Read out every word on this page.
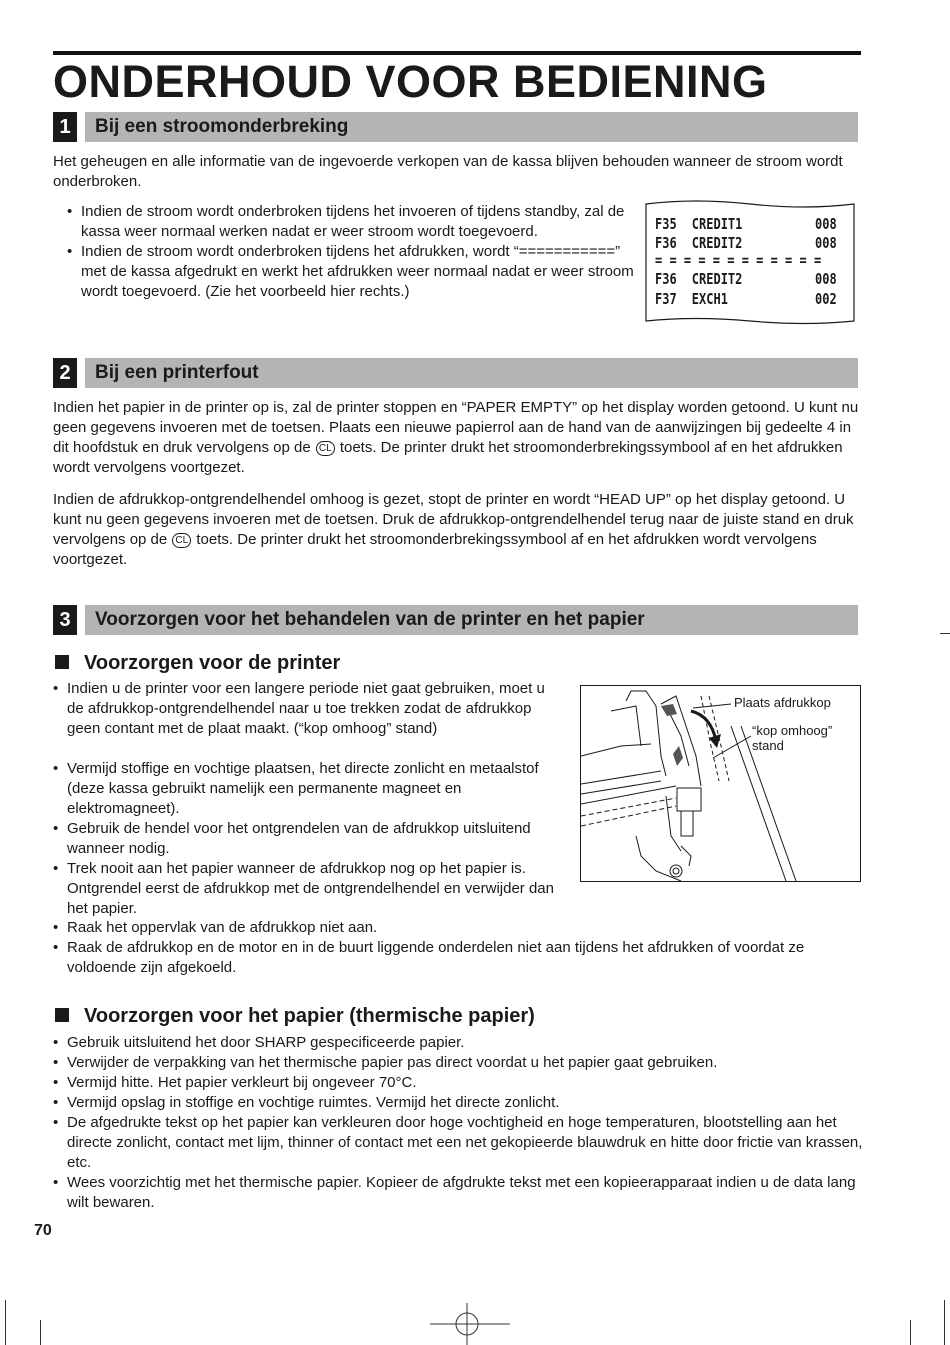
ONDERHOUD VOOR BEDIENING
1	Bij een stroomonderbreking

Het geheugen en alle informatie van de ingevoerde verkopen van de kassa blijven behouden wanneer de stroom wordt onderbroken.

• Indien de stroom wordt onderbroken tijdens het invoeren of tijdens standby, zal de kassa weer normaal werken nadat er weer stroom wordt toegevoerd.
• Indien de stroom wordt onderbroken tijdens het afdrukken, wordt “===========” met de kassa afgedrukt en werkt het afdrukken weer normaal nadat er weer stroom wordt toegevoerd. (Zie het voorbeeld hier rechts.)
F35 CREDIT1	008
F36 CREDIT2	008
= = = = = = = = = = = =
F36 CREDIT2	008
F37 EXCH1	002
2	Bij een printerfout

Indien het papier in de printer op is, zal de printer stoppen en “PAPER EMPTY” op het display worden getoond. U kunt nu geen gegevens invoeren met de toetsen. Plaats een nieuwe papierrol aan de hand van de aanwijzingen bij gedeelte 4 in dit hoofdstuk en druk vervolgens op de CL toets. De printer drukt het stroomonderbrekingssymbool af en het afdrukken wordt vervolgens voortgezet.

Indien de afdrukkop-ontgrendelhendel omhoog is gezet, stopt de printer en wordt “HEAD UP” op het display getoond. U kunt nu geen gegevens invoeren met de toetsen. Druk de afdrukkop-ontgrendelhendel terug naar de juiste stand en druk vervolgens op de CL toets. De printer drukt het stroomonderbrekingssymbool af en het afdrukken wordt vervolgens voortgezet.

3	Voorzorgen voor het behandelen van de printer en het papier
Voorzorgen voor de printer
• Indien u de printer voor een langere periode niet gaat gebruiken, moet u de afdrukkop-ontgrendelhendel naar u toe trekken zodat de afdrukkop geen contant met de plaat maakt. (“kop omhoog” stand)
• Vermijd stoffige en vochtige plaatsen, het directe zonlicht en metaalstof (deze kassa gebruikt namelijk een permanente magneet en elektromagneet).
• Gebruik de hendel voor het ontgrendelen van de afdrukkop uitsluitend wanneer nodig.
• Trek nooit aan het papier wanneer de afdrukkop nog op het papier is. Ontgrendel eerst de afdrukkop met de ontgrendelhendel en verwijder dan het papier.
• Raak het oppervlak van de afdrukkop niet aan.
• Raak de afdrukkop en de motor en in de buurt liggende onderdelen niet aan tijdens het afdrukken of voordat ze voldoende zijn afgekoeld.
Plaats afdrukkop
“kop omhoog”
stand
Voorzorgen voor het papier (thermische papier)
• Gebruik uitsluitend het door SHARP gespecificeerde papier.
• Verwijder de verpakking van het thermische papier pas direct voordat u het papier gaat gebruiken.
• Vermijd hitte. Het papier verkleurt bij ongeveer 70°C.
• Vermijd opslag in stoffige en vochtige ruimtes. Vermijd het directe zonlicht.
• De afgedrukte tekst op het papier kan verkleuren door hoge vochtigheid en hoge temperaturen, blootstelling aan het directe zonlicht, contact met lijm, thinner of contact met een net gekopieerde blauwdruk en hitte door frictie van krassen, etc.
• Wees voorzichtig met het thermische papier. Kopieer de afgdrukte tekst met een kopieerapparaat indien u de data lang wilt bewaren.
70
